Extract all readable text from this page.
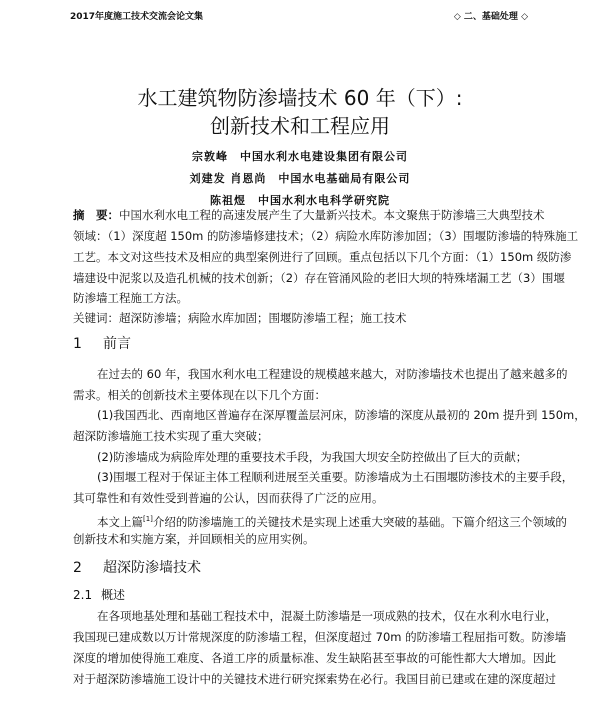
2017年度施工技术交流会论文集	◇ 二、基础处理 ◇
水工建筑物防渗墙技术 60 年（下）:
创新技术和工程应用
宗敦峰　中国水利水电建设集团有限公司
刘建发 肖恩尚　中国水电基础局有限公司
陈祖煜　中国水利水电科学研究院
摘　要：中国水利水电工程的高速发展产生了大量新兴技术。本文聚焦于防渗墙三大典型技术
领域：（1）深度超 150m 的防渗墙修建技术；（2）病险水库防渗加固；（3）围堰防渗墙的特殊施工
工艺。本文对这些技术及相应的典型案例进行了回顾。重点包括以下几个方面：（1）150m 级防渗
墙建设中泥浆以及造孔机械的技术创新；（2）存在管涌风险的老旧大坝的特殊堵漏工艺（3）围堰
防渗墙工程施工方法。
关键词：超深防渗墙；病险水库加固；围堰防渗墙工程；施工技术
1 前言
在过去的 60 年，我国水利水电工程建设的规模越来越大，对防渗墙技术也提出了越来越多的
需求。相关的创新技术主要体现在以下几个方面：
(1)我国西北、西南地区普遍存在深厚覆盖层河床，防渗墙的深度从最初的 20m 提升到 150m，
超深防渗墙施工技术实现了重大突破；
(2)防渗墙成为病险库处理的重要技术手段，为我国大坝安全防控做出了巨大的贡献；
(3)围堰工程对于保证主体工程顺利进展至关重要。防渗墙成为土石围堰防渗技术的主要手段，
其可靠性和有效性受到普遍的公认，因而获得了广泛的应用。
本文上篇[1]介绍的防渗墙施工的关键技术是实现上述重大突破的基础。下篇介绍这三个领域的
创新技术和实施方案，并回顾相关的应用实例。
2 超深防渗墙技术
2.1 概述
在各项地基处理和基础工程技术中，混凝土防渗墙是一项成熟的技术，仅在水利水电行业，
我国现已建成数以万计常规深度的防渗墙工程，但深度超过 70m 的防渗墙工程屈指可数。防渗墙
深度的增加使得施工难度、各道工序的质量标准、发生缺陷甚至事故的可能性都大大增加。因此
对于超深防渗墙施工设计中的关键技术进行研究探索势在必行。我国目前已建或在建的深度超过
